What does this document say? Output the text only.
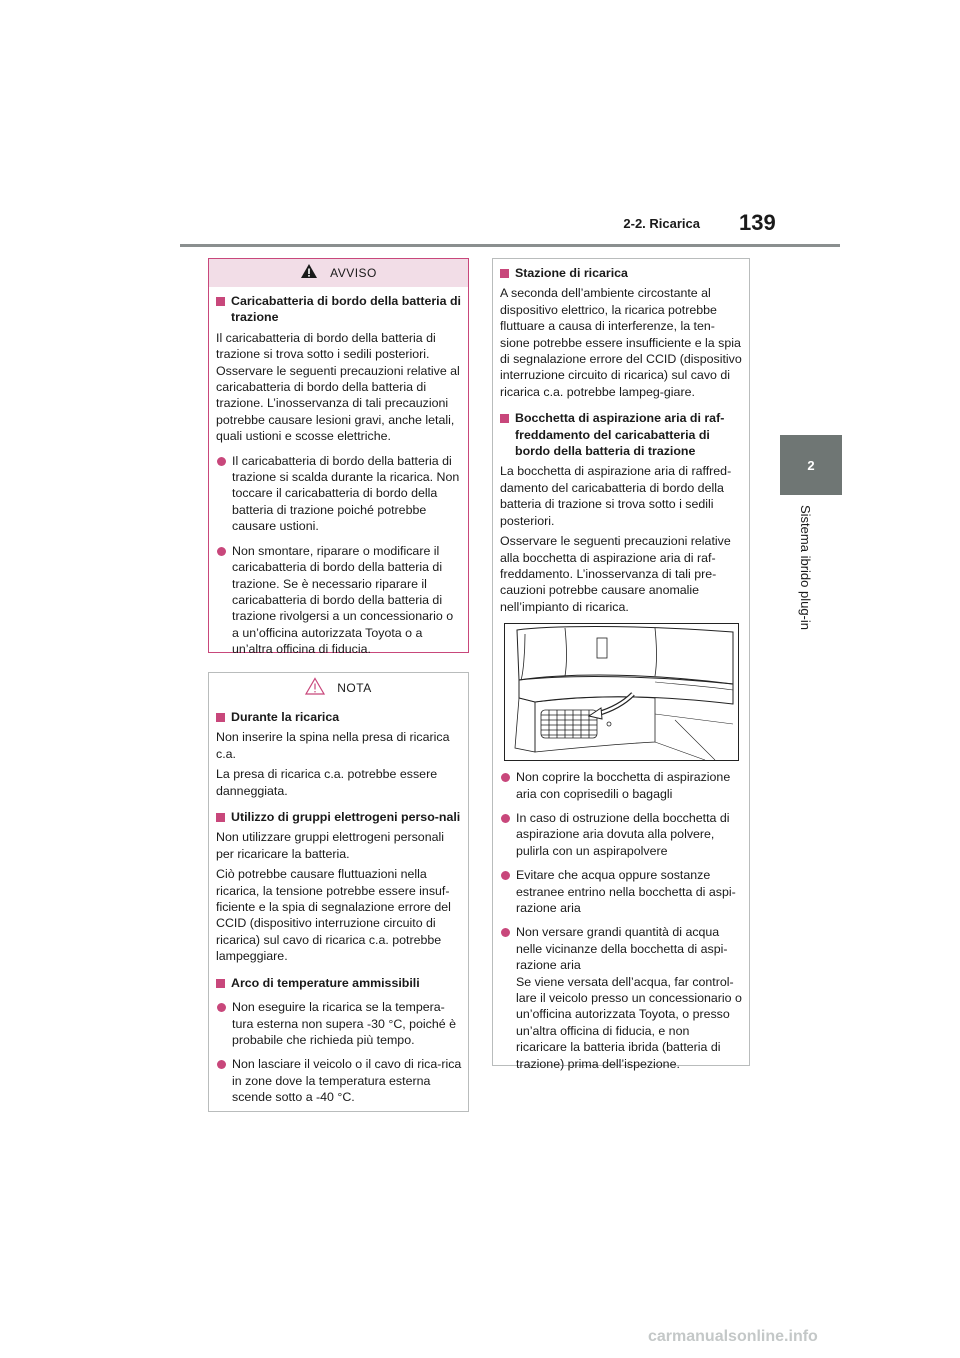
2-2. Ricarica 139
2
Sistema ibrido plug-in
AVVISO
Caricabatteria di bordo della batteria di trazione

Il caricabatteria di bordo della batteria di trazione si trova sotto i sedili posteriori. Osservare le seguenti precauzioni relative al caricabatteria di bordo della batteria di trazione. L’inosservanza di tali precauzioni potrebbe causare lesioni gravi, anche letali, quali ustioni e scosse elettriche.

Il caricabatteria di bordo della batteria di trazione si scalda durante la ricarica. Non toccare il caricabatteria di bordo della batteria di trazione poiché potrebbe causare ustioni.
Non smontare, riparare o modificare il caricabatteria di bordo della batteria di trazione. Se è necessario riparare il caricabatteria di bordo della batteria di trazione rivolgersi a un concessionario o a un’officina autorizzata Toyota o a un’altra officina di fiducia.
NOTA
Durante la ricarica

Non inserire la spina nella presa di ricarica c.a.

La presa di ricarica c.a. potrebbe essere danneggiata.

Utilizzo di gruppi elettrogeni perso-nali

Non utilizzare gruppi elettrogeni personali per ricaricare la batteria.

Ciò potrebbe causare fluttuazioni nella ricarica, la tensione potrebbe essere insuf-ficiente e la spia di segnalazione errore del CCID (dispositivo interruzione circuito di ricarica) sul cavo di ricarica c.a. potrebbe lampeggiare.

Arco di temperature ammissibili
Non eseguire la ricarica se la tempera-tura esterna non supera -30 °C, poiché è probabile che richieda più tempo.
Non lasciare il veicolo o il cavo di rica-rica in zone dove la temperatura esterna scende sotto a -40 °C.
Stazione di ricarica

A seconda dell’ambiente circostante al dispositivo elettrico, la ricarica potrebbe fluttuare a causa di interferenze, la ten-sione potrebbe essere insufficiente e la spia di segnalazione errore del CCID (dispositivo interruzione circuito di ricarica) sul cavo di ricarica c.a. potrebbe lampeg-giare.

Bocchetta di aspirazione aria di raf-freddamento del caricabatteria di bordo della batteria di trazione

La bocchetta di aspirazione aria di raffred-damento del caricabatteria di bordo della batteria di trazione si trova sotto i sedili posteriori.

Osservare le seguenti precauzioni relative alla bocchetta di aspirazione aria di raf-freddamento. L’inosservanza di tali pre-cauzioni potrebbe causare anomalie nell’impianto di ricarica.

Non coprire la bocchetta di aspirazione aria con coprisedili o bagagli
In caso di ostruzione della bocchetta di aspirazione aria dovuta alla polvere, pulirla con un aspirapolvere
Evitare che acqua oppure sostanze estranee entrino nella bocchetta di aspi-razione aria
Non versare grandi quantità di acqua nelle vicinanze della bocchetta di aspi-razione aria
Se viene versata dell’acqua, far control-lare il veicolo presso un concessionario o un’officina autorizzata Toyota, o presso un’altra officina di fiducia, e non ricaricare la batteria ibrida (batteria di trazione) prima dell’ispezione.
carmanualsonline.info
